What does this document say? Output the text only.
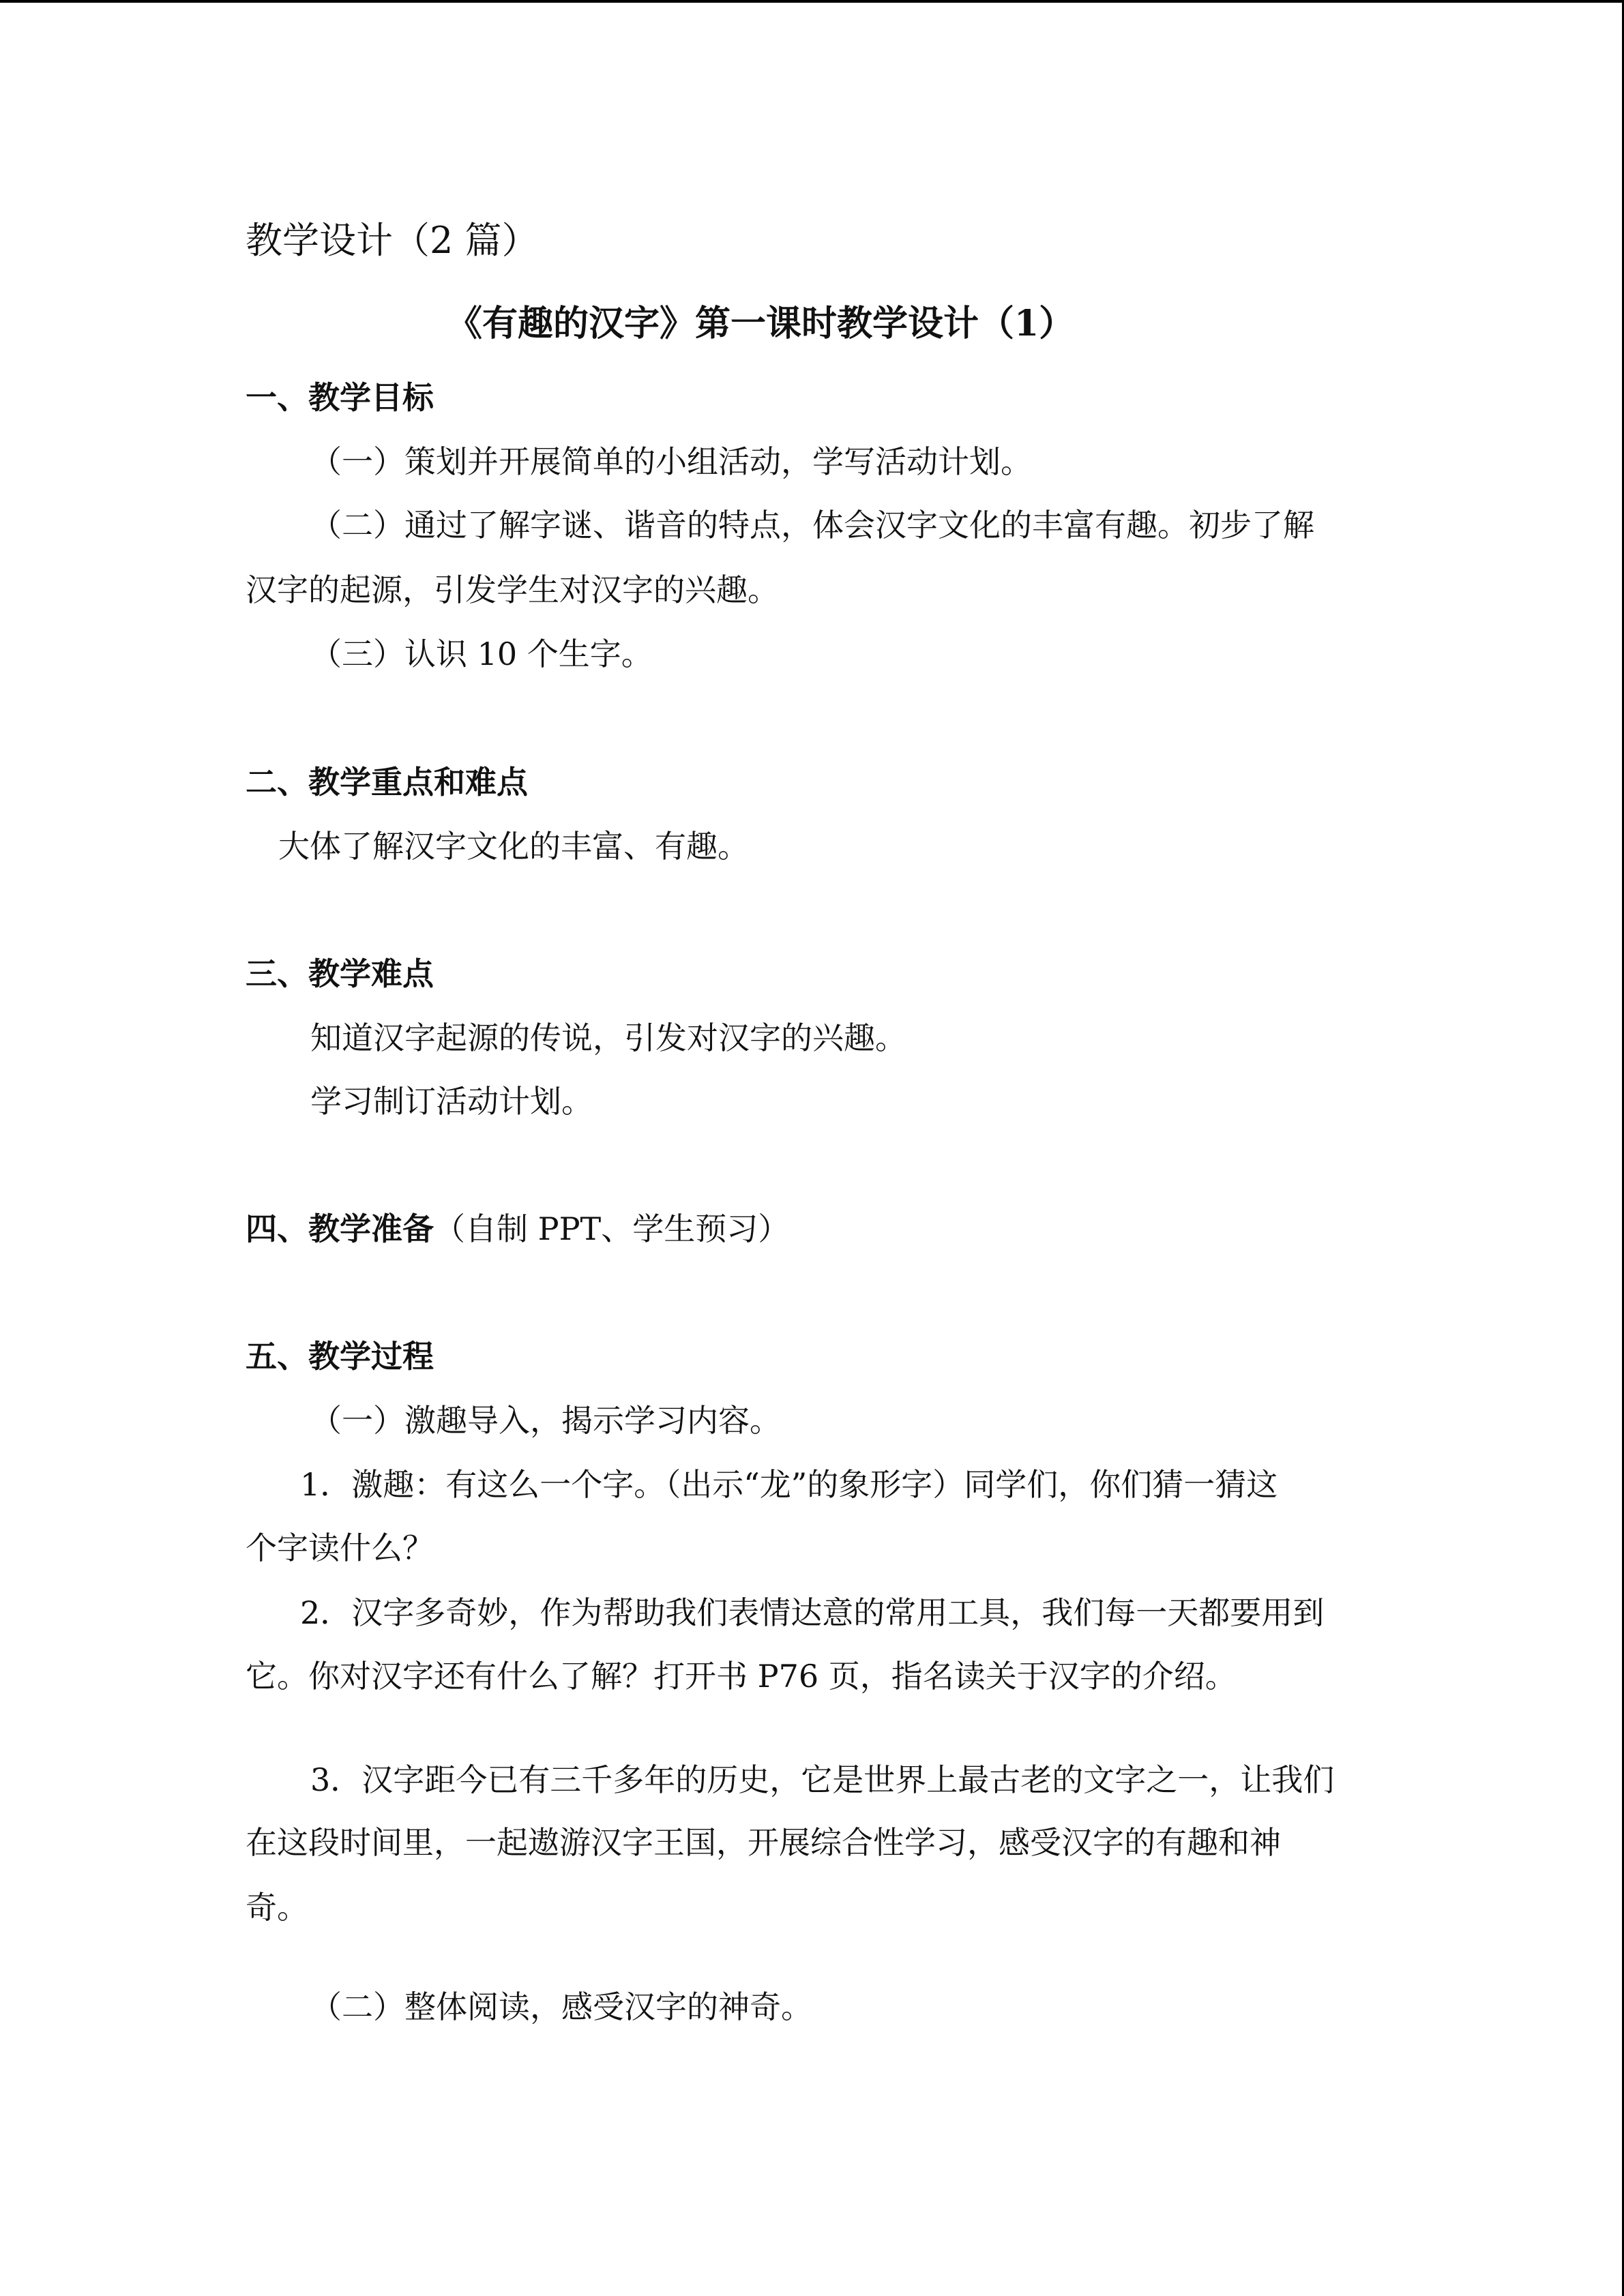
教学设计（2 篇）

《有趣的汉字》第一课时教学设计（1）

一、教学目标

（一）策划并开展简单的小组活动，学写活动计划。

（二）通过了解字谜、谐音的特点，体会汉字文化的丰富有趣。初步了解

汉字的起源，引发学生对汉字的兴趣。

（三）认识 10 个生字。

二、教学重点和难点

大体了解汉字文化的丰富、有趣。

三、教学难点

知道汉字起源的传说，引发对汉字的兴趣。

学习制订活动计划。

四、教学准备（自制 PPT、学生预习）

五、教学过程

（一）激趣导入，揭示学习内容。

1．激趣：有这么一个字。（出示“龙”的象形字）同学们，你们猜一猜这

个字读什么？

2．汉字多奇妙，作为帮助我们表情达意的常用工具，我们每一天都要用到

它。你对汉字还有什么了解？打开书 P76 页，指名读关于汉字的介绍。

3．汉字距今已有三千多年的历史，它是世界上最古老的文字之一，让我们

在这段时间里，一起遨游汉字王国，开展综合性学习，感受汉字的有趣和神

奇。

（二）整体阅读，感受汉字的神奇。
